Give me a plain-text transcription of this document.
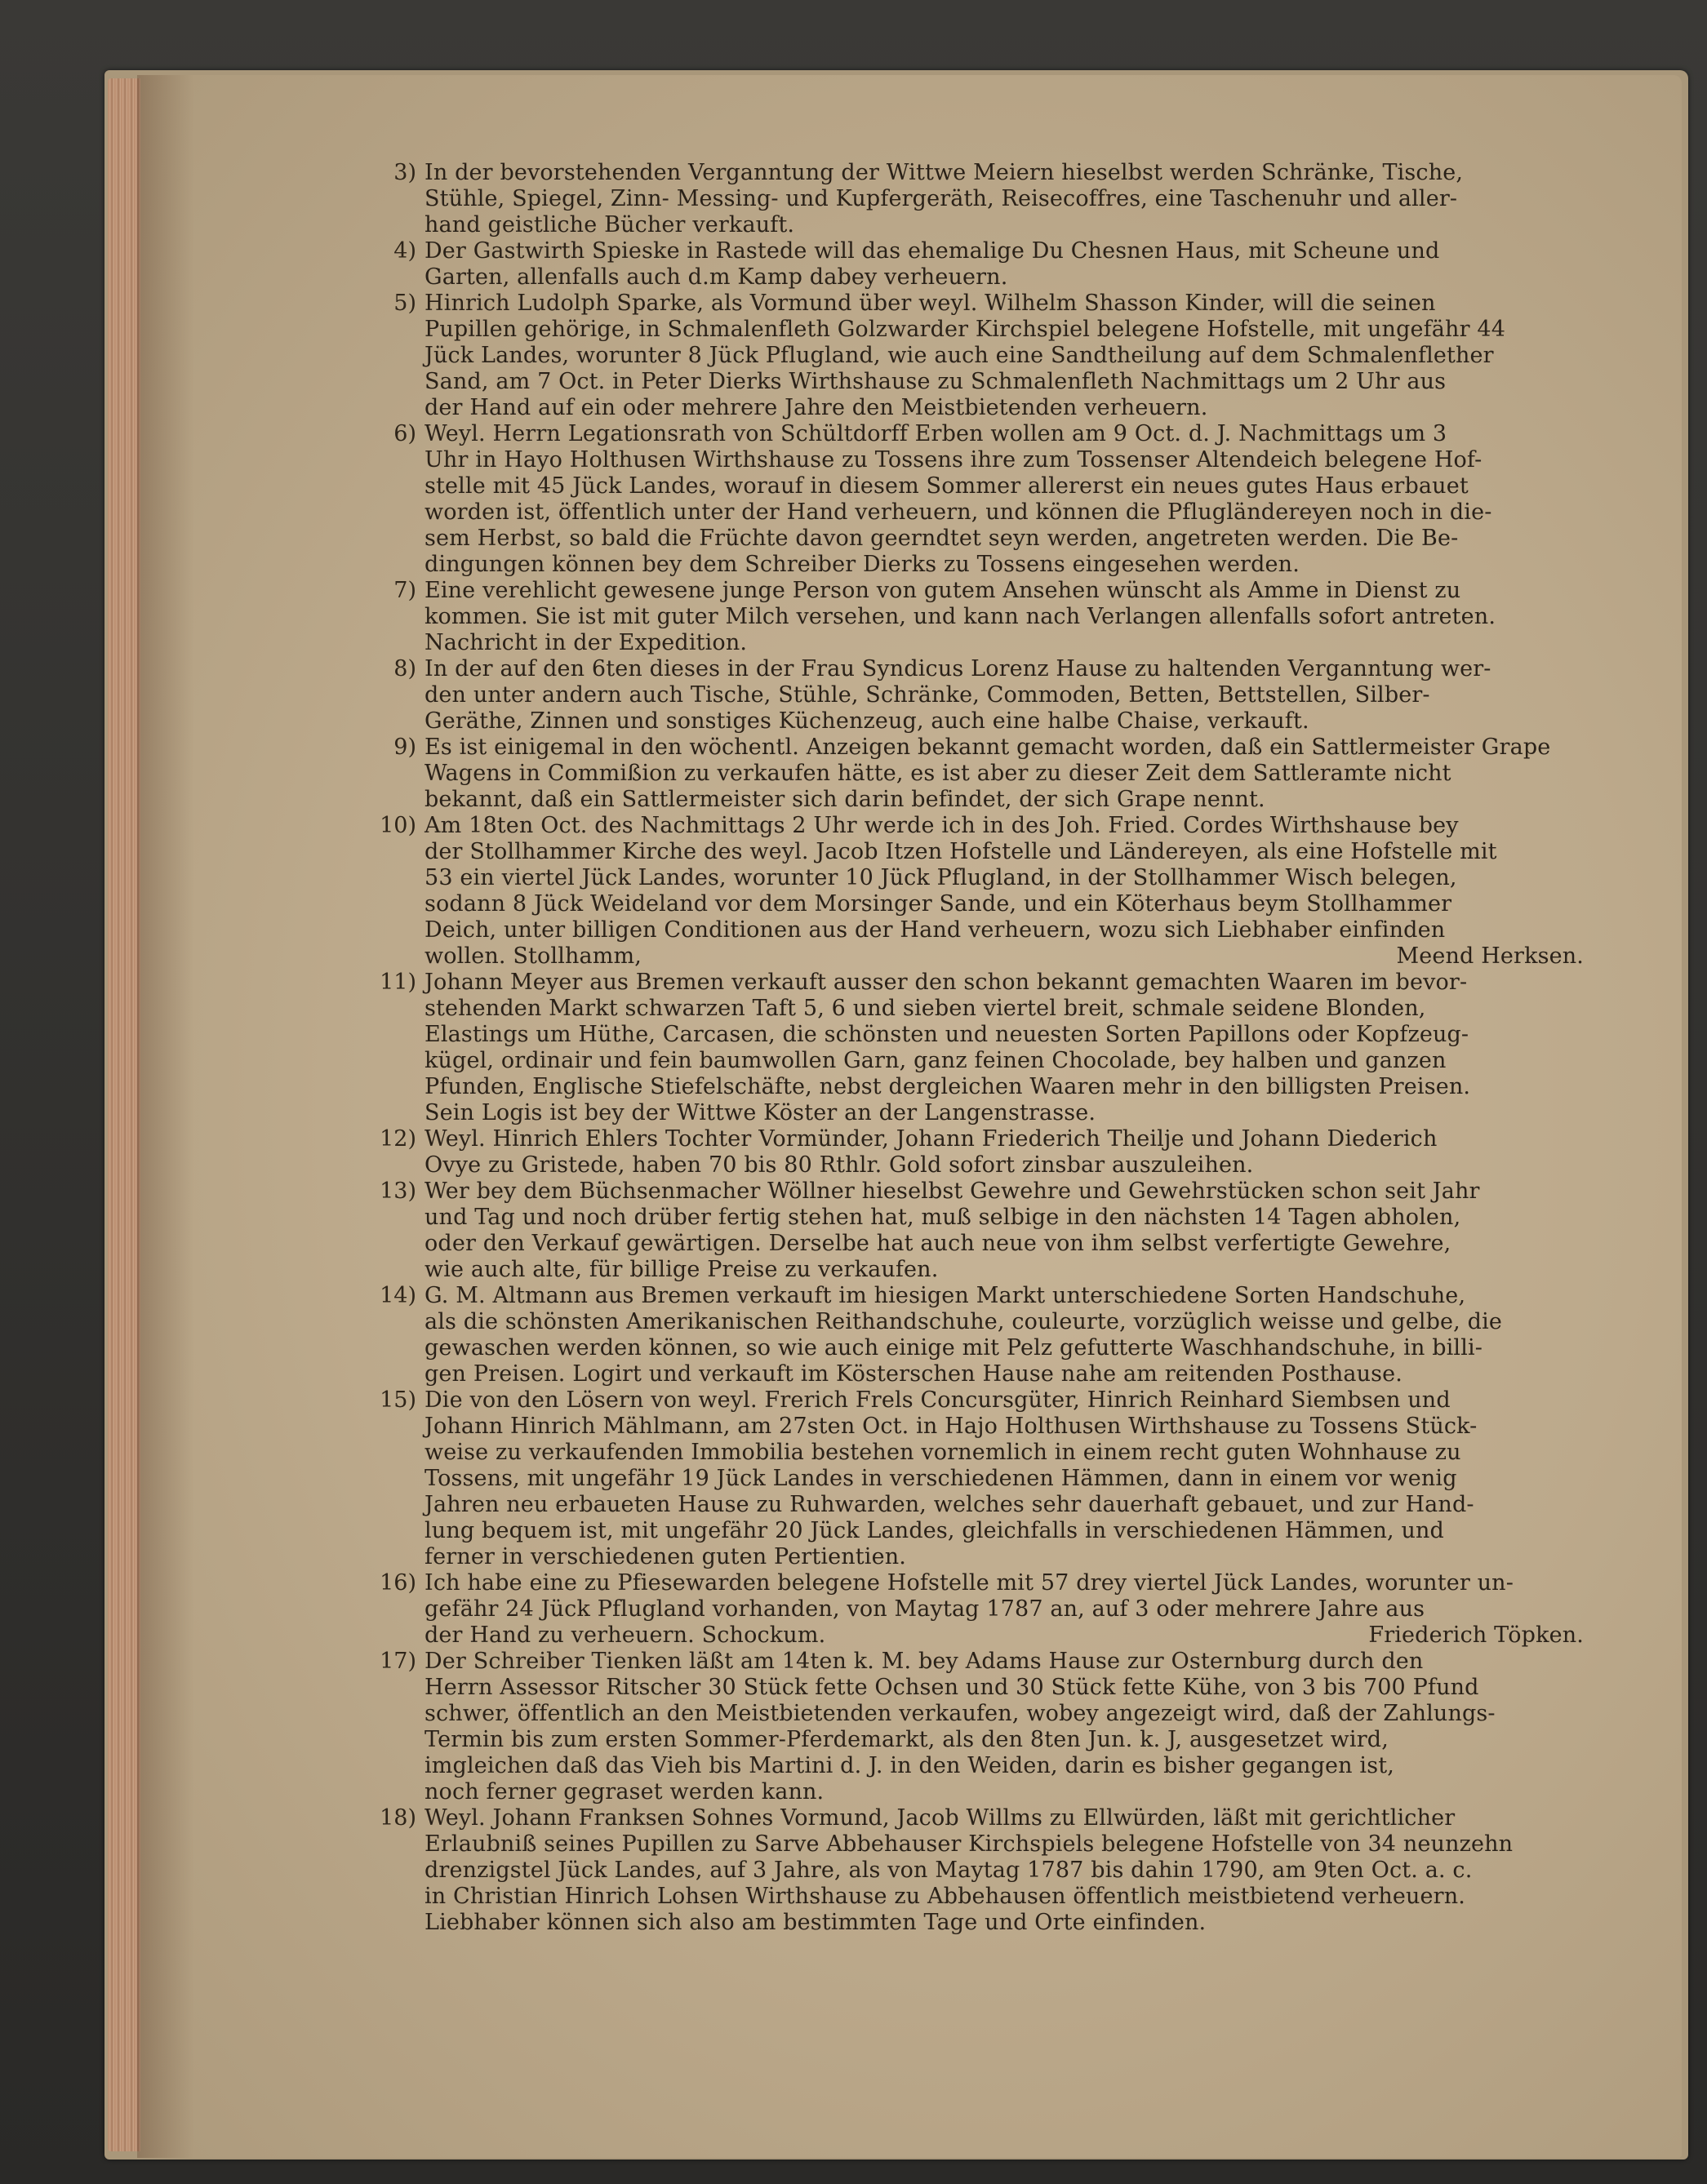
3) In der bevorstehenden Verganntung der Wittwe Meiern hieselbst werden Schränke, Tische,
Stühle, Spiegel, Zinn- Messing- und Kupfergeräth, Reisecoffres, eine Taschenuhr und aller-
hand geistliche Bücher verkauft.
4) Der Gastwirth Spieske in Rastede will das ehemalige Du Chesnen Haus, mit Scheune und
Garten, allenfalls auch d.m Kamp dabey verheuern.
5) Hinrich Ludolph Sparke, als Vormund über weyl. Wilhelm Shasson Kinder, will die seinen
Pupillen gehörige, in Schmalenfleth Golzwarder Kirchspiel belegene Hofstelle, mit ungefähr 44
Jück Landes, worunter 8 Jück Pflugland, wie auch eine Sandtheilung auf dem Schmalenflether
Sand, am 7 Oct. in Peter Dierks Wirthshause zu Schmalenfleth Nachmittags um 2 Uhr aus
der Hand auf ein oder mehrere Jahre den Meistbietenden verheuern.
6) Weyl. Herrn Legationsrath von Schültdorff Erben wollen am 9 Oct. d. J. Nachmittags um 3
Uhr in Hayo Holthusen Wirthshause zu Tossens ihre zum Tossenser Altendeich belegene Hof-
stelle mit 45 Jück Landes, worauf in diesem Sommer allererst ein neues gutes Haus erbauet
worden ist, öffentlich unter der Hand verheuern, und können die Pflugländereyen noch in die-
sem Herbst, so bald die Früchte davon geerndtet seyn werden, angetreten werden. Die Be-
dingungen können bey dem Schreiber Dierks zu Tossens eingesehen werden.
7) Eine verehlicht gewesene junge Person von gutem Ansehen wünscht als Amme in Dienst zu
kommen. Sie ist mit guter Milch versehen, und kann nach Verlangen allenfalls sofort antreten.
Nachricht in der Expedition.
8) In der auf den 6ten dieses in der Frau Syndicus Lorenz Hause zu haltenden Verganntung wer-
den unter andern auch Tische, Stühle, Schränke, Commoden, Betten, Bettstellen, Silber-
Geräthe, Zinnen und sonstiges Küchenzeug, auch eine halbe Chaise, verkauft.
9) Es ist einigemal in den wöchentl. Anzeigen bekannt gemacht worden, daß ein Sattlermeister Grape
Wagens in Commißion zu verkaufen hätte, es ist aber zu dieser Zeit dem Sattleramte nicht
bekannt, daß ein Sattlermeister sich darin befindet, der sich Grape nennt.
10) Am 18ten Oct. des Nachmittags 2 Uhr werde ich in des Joh. Fried. Cordes Wirthshause bey
der Stollhammer Kirche des weyl. Jacob Itzen Hofstelle und Ländereyen, als eine Hofstelle mit
53 ein viertel Jück Landes, worunter 10 Jück Pflugland, in der Stollhammer Wisch belegen,
sodann 8 Jück Weideland vor dem Morsinger Sande, und ein Köterhaus beym Stollhammer
Deich, unter billigen Conditionen aus der Hand verheuern, wozu sich Liebhaber einfinden
wollen. Stollhamm,	Meend Herksen.
11) Johann Meyer aus Bremen verkauft ausser den schon bekannt gemachten Waaren im bevor-
stehenden Markt schwarzen Taft 5, 6 und sieben viertel breit, schmale seidene Blonden,
Elastings um Hüthe, Carcasen, die schönsten und neuesten Sorten Papillons oder Kopfzeug-
kügel, ordinair und fein baumwollen Garn, ganz feinen Chocolade, bey halben und ganzen
Pfunden, Englische Stiefelschäfte, nebst dergleichen Waaren mehr in den billigsten Preisen.
Sein Logis ist bey der Wittwe Köster an der Langenstrasse.
12) Weyl. Hinrich Ehlers Tochter Vormünder, Johann Friederich Theilje und Johann Diederich
Ovye zu Gristede, haben 70 bis 80 Rthlr. Gold sofort zinsbar auszuleihen.
13) Wer bey dem Büchsenmacher Wöllner hieselbst Gewehre und Gewehrstücken schon seit Jahr
und Tag und noch drüber fertig stehen hat, muß selbige in den nächsten 14 Tagen abholen,
oder den Verkauf gewärtigen. Derselbe hat auch neue von ihm selbst verfertigte Gewehre,
wie auch alte, für billige Preise zu verkaufen.
14) G. M. Altmann aus Bremen verkauft im hiesigen Markt unterschiedene Sorten Handschuhe,
als die schönsten Amerikanischen Reithandschuhe, couleurte, vorzüglich weisse und gelbe, die
gewaschen werden können, so wie auch einige mit Pelz gefutterte Waschhandschuhe, in billi-
gen Preisen. Logirt und verkauft im Kösterschen Hause nahe am reitenden Posthause.
15) Die von den Lösern von weyl. Frerich Frels Concursgüter, Hinrich Reinhard Siembsen und
Johann Hinrich Mählmann, am 27sten Oct. in Hajo Holthusen Wirthshause zu Tossens Stück-
weise zu verkaufenden Immobilia bestehen vornemlich in einem recht guten Wohnhause zu
Tossens, mit ungefähr 19 Jück Landes in verschiedenen Hämmen, dann in einem vor wenig
Jahren neu erbaueten Hause zu Ruhwarden, welches sehr dauerhaft gebauet, und zur Hand-
lung bequem ist, mit ungefähr 20 Jück Landes, gleichfalls in verschiedenen Hämmen, und
ferner in verschiedenen guten Pertientien.
16) Ich habe eine zu Pfiesewarden belegene Hofstelle mit 57 drey viertel Jück Landes, worunter un-
gefähr 24 Jück Pflugland vorhanden, von Maytag 1787 an, auf 3 oder mehrere Jahre aus
der Hand zu verheuern. Schockum.	Friederich Töpken.
17) Der Schreiber Tienken läßt am 14ten k. M. bey Adams Hause zur Osternburg durch den
Herrn Assessor Ritscher 30 Stück fette Ochsen und 30 Stück fette Kühe, von 3 bis 700 Pfund
schwer, öffentlich an den Meistbietenden verkaufen, wobey angezeigt wird, daß der Zahlungs-
Termin bis zum ersten Sommer-Pferdemarkt, als den 8ten Jun. k. J, ausgesetzet wird,
imgleichen daß das Vieh bis Martini d. J. in den Weiden, darin es bisher gegangen ist,
noch ferner gegraset werden kann.
18) Weyl. Johann Franksen Sohnes Vormund, Jacob Willms zu Ellwürden, läßt mit gerichtlicher
Erlaubniß seines Pupillen zu Sarve Abbehauser Kirchspiels belegene Hofstelle von 34 neunzehn
drenzigstel Jück Landes, auf 3 Jahre, als von Maytag 1787 bis dahin 1790, am 9ten Oct. a. c.
in Christian Hinrich Lohsen Wirthshause zu Abbehausen öffentlich meistbietend verheuern.
Liebhaber können sich also am bestimmten Tage und Orte einfinden.
